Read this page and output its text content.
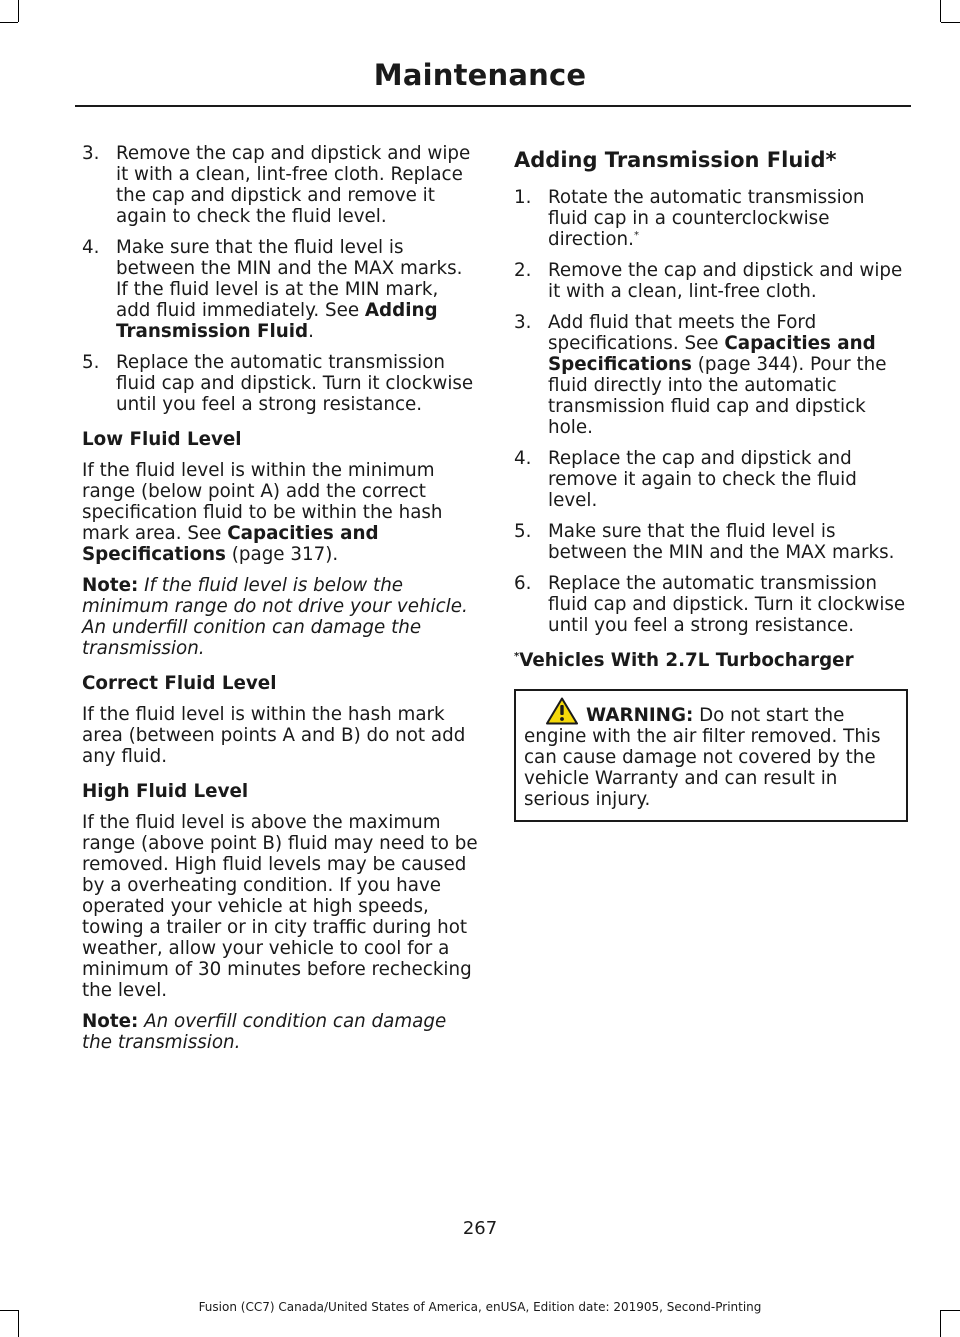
Maintenance
3. Remove the cap and dipstick and wipe it with a clean, lint-free cloth. Replace the cap and dipstick and remove it again to check the fluid level.
4. Make sure that the fluid level is between the MIN and the MAX marks. If the fluid level is at the MIN mark, add fluid immediately. See Adding Transmission Fluid.
5. Replace the automatic transmission fluid cap and dipstick. Turn it clockwise until you feel a strong resistance.
Low Fluid Level

If the fluid level is within the minimum range (below point A) add the correct specification fluid to be within the hash mark area. See Capacities and Specifications (page 317).

Note: If the fluid level is below the minimum range do not drive your vehicle. An underfill conition can damage the transmission.

Correct Fluid Level

If the fluid level is within the hash mark area (between points A and B) do not add any fluid.

High Fluid Level

If the fluid level is above the maximum range (above point B) fluid may need to be removed. High fluid levels may be caused by a overheating condition. If you have operated your vehicle at high speeds, towing a trailer or in city traffic during hot weather, allow your vehicle to cool for a minimum of 30 minutes before rechecking the level.

Note: An overfill condition can damage the transmission.

Adding Transmission Fluid*
1. Rotate the automatic transmission fluid cap in a counterclockwise direction.*
2. Remove the cap and dipstick and wipe it with a clean, lint-free cloth.
3. Add fluid that meets the Ford specifications. See Capacities and Specifications (page 344). Pour the fluid directly into the automatic transmission fluid cap and dipstick hole.
4. Replace the cap and dipstick and remove it again to check the fluid level.
5. Make sure that the fluid level is between the MIN and the MAX marks.
6. Replace the automatic transmission fluid cap and dipstick. Turn it clockwise until you feel a strong resistance.
*Vehicles With 2.7L Turbocharger
WARNING: Do not start the engine with the air filter removed. This can cause damage not covered by the vehicle Warranty and can result in serious injury.
267
Fusion (CC7) Canada/United States of America, enUSA, Edition date: 201905, Second-Printing
